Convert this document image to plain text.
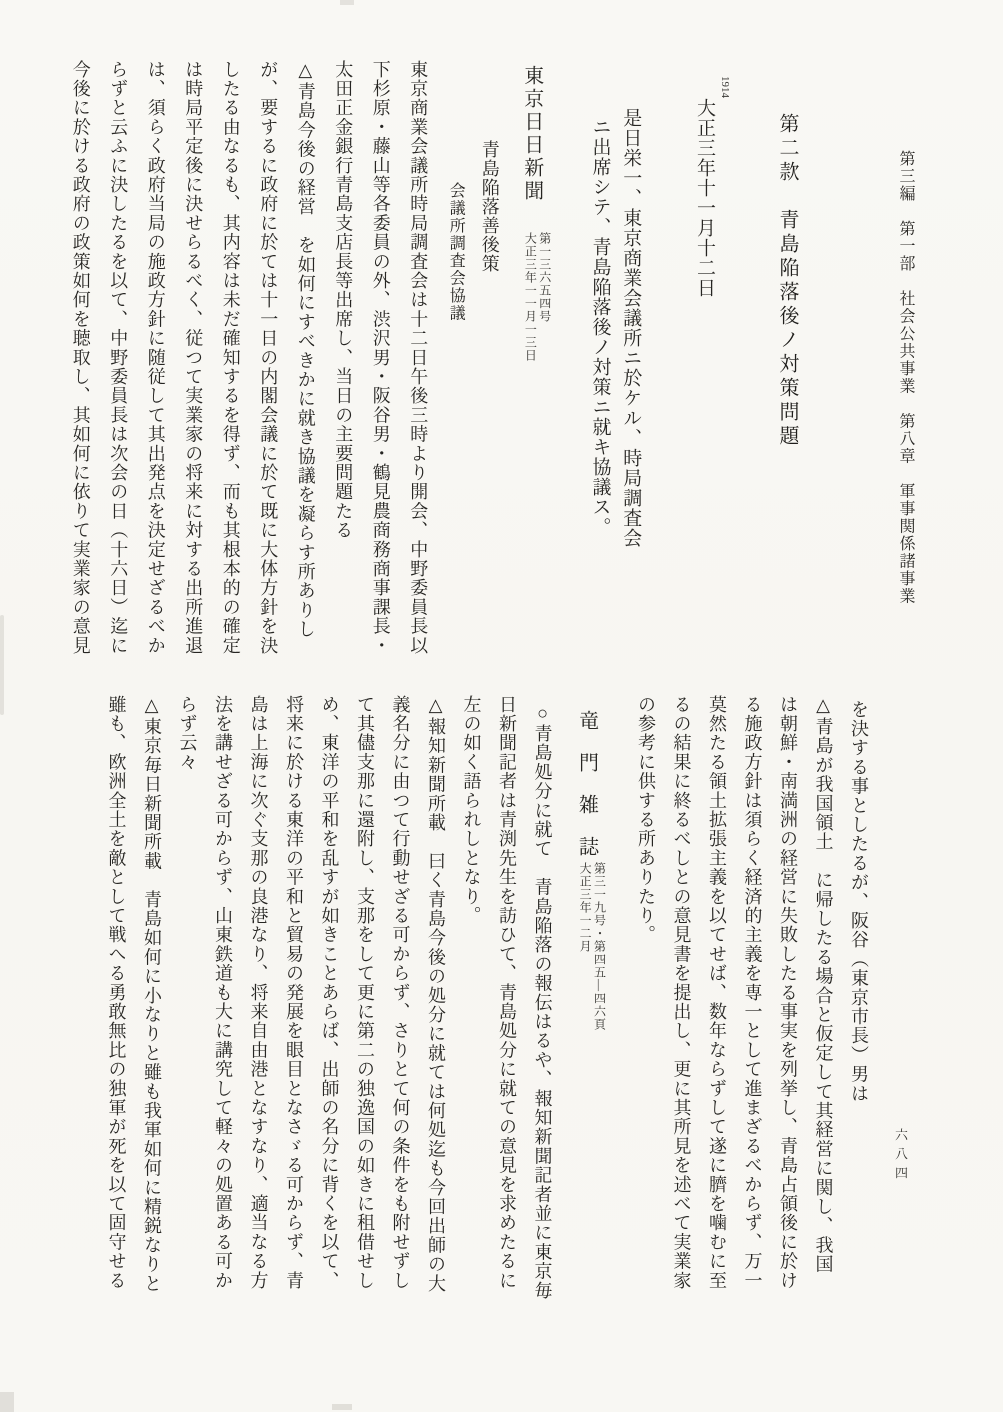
第三編　第一部　社会公共事業　第八章　軍事関係諸事業
第二款　青島陥落後ノ対策問題
1914
大正三年十一月十二日
是日栄一、東京商業会議所ニ於ケル、時局調査会
ニ出席シテ、青島陥落後ノ対策ニ就キ協議ス。
東京日日新聞
第一三六五四号
大正三年一一月一三日
青島陥落善後策
会議所調査会協議
東京商業会議所時局調査会は十二日午後三時より開会、中野委員長以
下杉原・藤山等各委員の外、渋沢男・阪谷男・鶴見農商務商事課長・
太田正金銀行青島支店長等出席し、当日の主要問題たる
△青島今後の経営　を如何にすべきかに就き協議を凝らす所ありし
が、要するに政府に於ては十一日の内閣会議に於て既に大体方針を決
したる由なるも、其内容は未だ確知するを得ず、而も其根本的の確定
は時局平定後に決せらるべく、従つて実業家の将来に対する出所進退
は、須らく政府当局の施政方針に随従して其出発点を決定せざるべか
らずと云ふに決したるを以て、中野委員長は次会の日（十六日）迄に
今後に於ける政府の政策如何を聴取し、其如何に依りて実業家の意見
を決する事としたるが、阪谷（東京市長）男は
△青島が我国領土　に帰したる場合と仮定して其経営に関し、我国
は朝鮮・南満洲の経営に失敗したる事実を列挙し、青島占領後に於け
る施政方針は須らく経済的主義を専一として進まざるべからず、万一
莫然たる領土拡張主義を以てせば、数年ならずして遂に臍を噛むに至
るの結果に終るべしとの意見書を提出し、更に其所見を述べて実業家
の参考に供する所ありたり。
竜　門　雑　誌
第三一九号・第四五—四六頁
大正三年一二月
○青島処分に就て　青島陥落の報伝はるや、報知新聞記者並に東京毎
日新聞記者は青渕先生を訪ひて、青島処分に就ての意見を求めたるに
左の如く語られしとなり。
△報知新聞所載　曰く青島今後の処分に就ては何処迄も今回出師の大
義名分に由つて行動せざる可からず、さりとて何の条件をも附せずし
て其儘支那に還附し、支那をして更に第二の独逸国の如きに租借せし
め、東洋の平和を乱すが如きことあらば、出師の名分に背くを以て、
将来に於ける東洋の平和と貿易の発展を眼目となさゞる可からず、青
島は上海に次ぐ支那の良港なり、将来自由港となすなり、適当なる方
法を講せざる可からず、山東鉄道も大に講究して軽々の処置ある可か
らず云々
△東京毎日新聞所載　青島如何に小なりと雖も我軍如何に精鋭なりと
雖も、欧洲全土を敵として戦へる勇敢無比の独軍が死を以て固守せる	六八四
